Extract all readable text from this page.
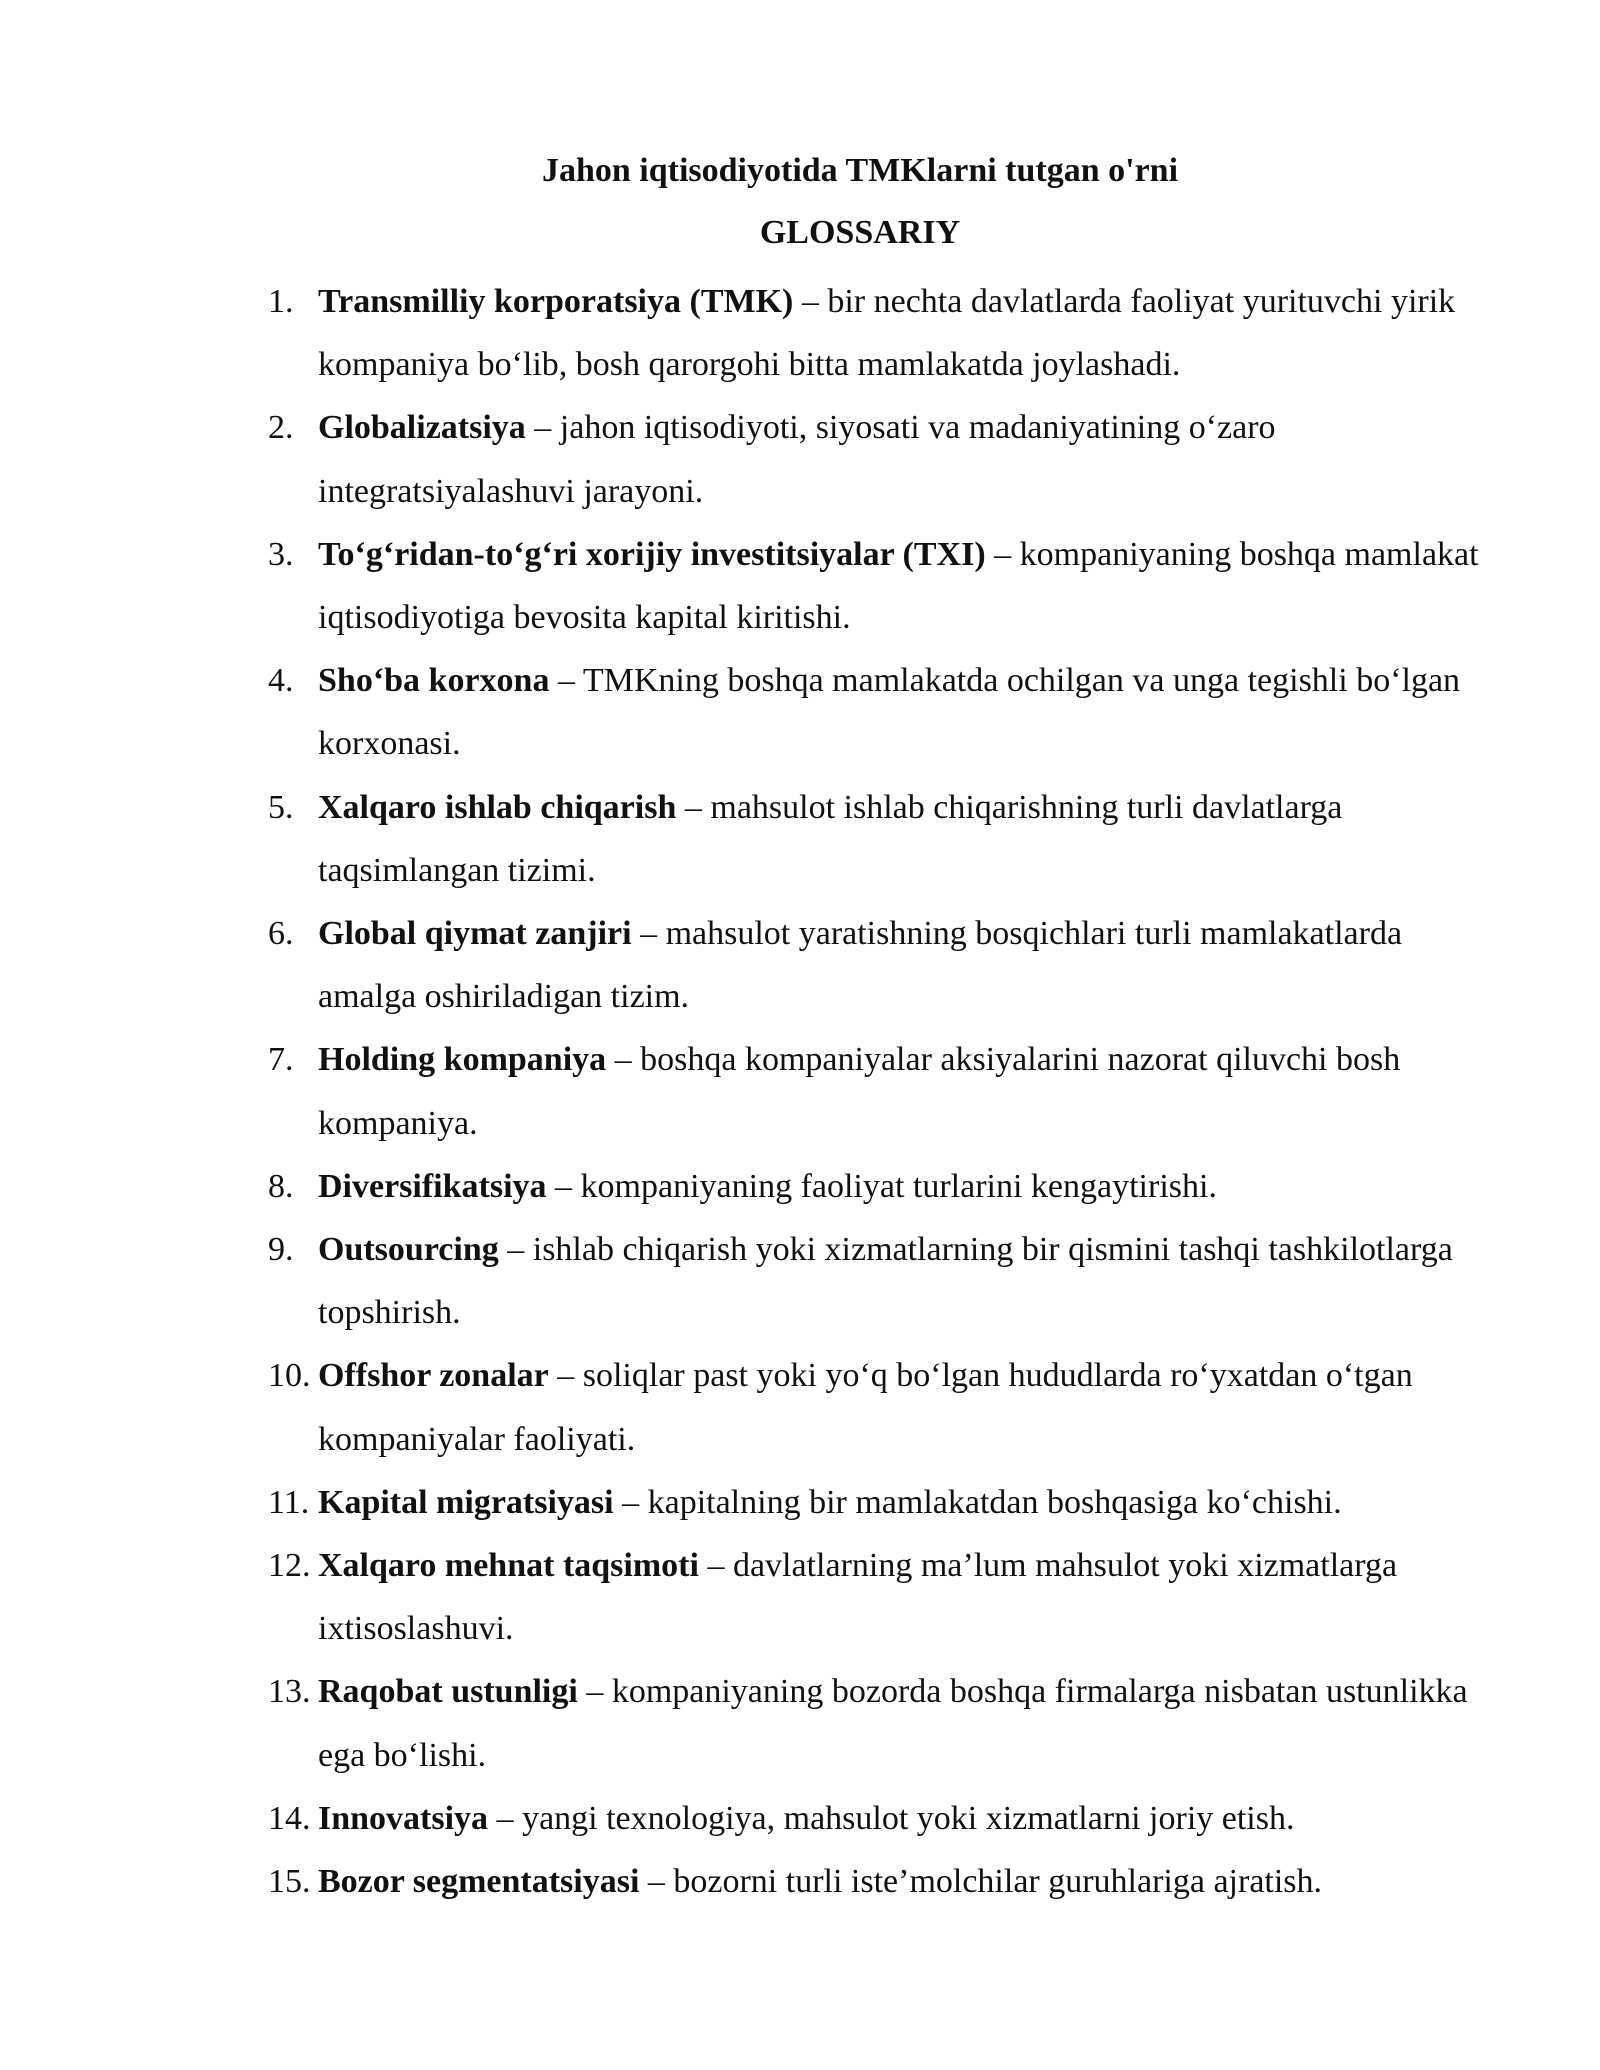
Jahon iqtisodiyotida TMKlarni tutgan o'rni
GLOSSARIY
1. Transmilliy korporatsiya (TMK) – bir nechta davlatlarda faoliyat yurituvchi yirik kompaniya bo‘lib, bosh qarorgohi bitta mamlakatda joylashadi.
2. Globalizatsiya – jahon iqtisodiyoti, siyosati va madaniyatining o‘zaro integratsiyalashuvi jarayoni.
3. To‘g‘ridan-to‘g‘ri xorijiy investitsiyalar (TXI) – kompaniyaning boshqa mamlakat iqtisodiyotiga bevosita kapital kiritishi.
4. Sho‘ba korxona – TMKning boshqa mamlakatda ochilgan va unga tegishli bo‘lgan korxonasi.
5. Xalqaro ishlab chiqarish – mahsulot ishlab chiqarishning turli davlatlarga taqsimlangan tizimi.
6. Global qiymat zanjiri – mahsulot yaratishning bosqichlari turli mamlakatlarda amalga oshiriladigan tizim.
7. Holding kompaniya – boshqa kompaniyalar aksiyalarini nazorat qiluvchi bosh kompaniya.
8. Diversifikatsiya – kompaniyaning faoliyat turlarini kengaytirishi.
9. Outsourcing – ishlab chiqarish yoki xizmatlarning bir qismini tashqi tashkilotlarga topshirish.
10. Offshor zonalar – soliqlar past yoki yo‘q bo‘lgan hududlarda ro‘yxatdan o‘tgan kompaniyalar faoliyati.
11. Kapital migratsiyasi – kapitalning bir mamlakatdan boshqasiga ko‘chishi.
12. Xalqaro mehnat taqsimoti – davlatlarning ma’lum mahsulot yoki xizmatlarga ixtisoslashuvi.
13. Raqobat ustunligi – kompaniyaning bozorda boshqa firmalarga nisbatan ustunlikka ega bo‘lishi.
14. Innovatsiya – yangi texnologiya, mahsulot yoki xizmatlarni joriy etish.
15. Bozor segmentatsiyasi – bozorni turli iste’molchilar guruhlariga ajratish.
